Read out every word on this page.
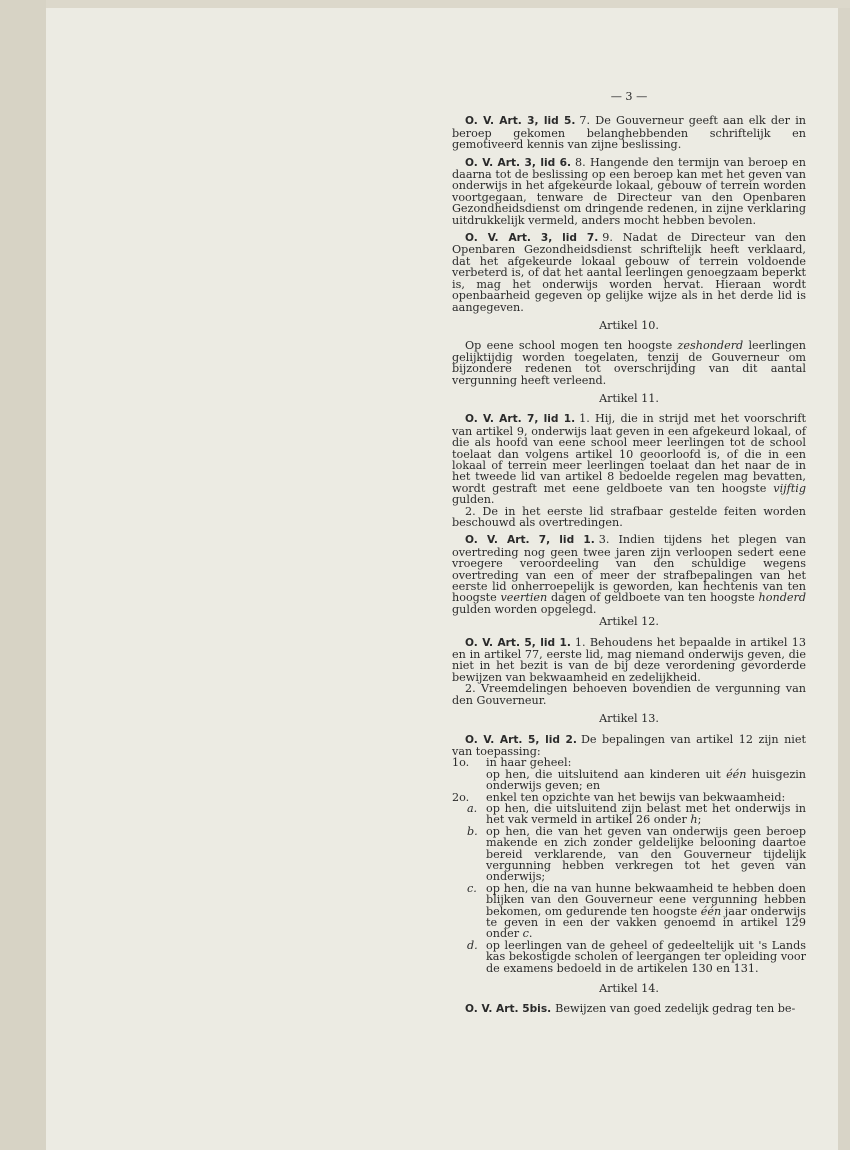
— 3 —

O. V. Art. 3, lid 5. 7. De Gouverneur geeft aan elk der in beroep gekomen belanghebbenden schriftelijk en gemotiveerd kennis van zijne beslissing.

O. V. Art. 3, lid 6. 8. Hangende den termijn van beroep en daarna tot de beslissing op een beroep kan met het geven van onderwijs in het afgekeurde lokaal, gebouw of terrein worden voortgegaan, tenware de Directeur van den Openbaren Gezondheidsdienst om dringende redenen, in zijne verklaring uitdrukkelijk vermeld, anders mocht hebben bevolen.

O. V. Art. 3, lid 7. 9. Nadat de Directeur van den Openbaren Gezondheidsdienst schriftelijk heeft verklaard, dat het afgekeurde lokaal gebouw of terrein voldoende verbeterd is, of dat het aantal leerlingen genoegzaam beperkt is, mag het onderwijs worden hervat. Hieraan wordt openbaarheid gegeven op gelijke wijze als in het derde lid is aangegeven.

Artikel 10.

Op eene school mogen ten hoogste zeshonderd leerlingen gelijktijdig worden toegelaten, tenzij de Gouverneur om bijzondere redenen tot overschrijding van dit aantal vergunning heeft verleend.

Artikel 11.

O. V. Art. 7, lid 1. 1. Hij, die in strijd met het voorschrift van artikel 9, onderwijs laat geven in een afgekeurd lokaal, of die als hoofd van eene school meer leerlingen tot de school toelaat dan volgens artikel 10 geoorloofd is, of die in een lokaal of terrein meer leerlingen toelaat dan het naar de in het tweede lid van artikel 8 bedoelde regelen mag bevatten, wordt gestraft met eene geldboete van ten hoogste vijftig gulden.

2. De in het eerste lid strafbaar gestelde feiten worden beschouwd als overtredingen.

O. V. Art. 7, lid 1. 3. Indien tijdens het plegen van overtreding nog geen twee jaren zijn verloopen sedert eene vroegere veroordeeling van den schuldige wegens overtreding van een of meer der strafbepalingen van het eerste lid onherroepelijk is geworden, kan hechtenis van ten hoogste veertien dagen of geldboete van ten hoogste honderd gulden worden opgelegd.

Artikel 12.

O. V. Art. 5, lid 1. 1. Behoudens het bepaalde in artikel 13 en in artikel 77, eerste lid, mag niemand onderwijs geven, die niet in het bezit is van de bij deze verordening gevorderde bewijzen van bekwaamheid en zedelijkheid.

2. Vreemdelingen behoeven bovendien de vergunning van den Gouverneur.

Artikel 13.

O. V. Art. 5, lid 2. De bepalingen van artikel 12 zijn niet van toepassing:

1o. in haar geheel:
op hen, die uitsluitend aan kinderen uit één huisgezin onderwijs geven; en
2o. enkel ten opzichte van het bewijs van bekwaamheid:
a. op hen, die uitsluitend zijn belast met het onderwijs in het vak vermeld in artikel 26 onder h;
b. op hen, die van het geven van onderwijs geen beroep makende en zich zonder geldelijke belooning daartoe bereid verklarende, van den Gouverneur tijdelijk vergunning hebben verkregen tot het geven van onderwijs;
c. op hen, die na van hunne bekwaamheid te hebben doen blijken van den Gouverneur eene vergunning hebben bekomen, om gedurende ten hoogste één jaar onderwijs te geven in een der vakken genoemd in artikel 129 onder c.
d. op leerlingen van de geheel of gedeeltelijk uit 's Lands kas bekostigde scholen of leergangen ter opleiding voor de examens bedoeld in de artikelen 130 en 131.
Artikel 14.

O. V. Art. 5bis. Bewijzen van goed zedelijk gedrag ten be-
